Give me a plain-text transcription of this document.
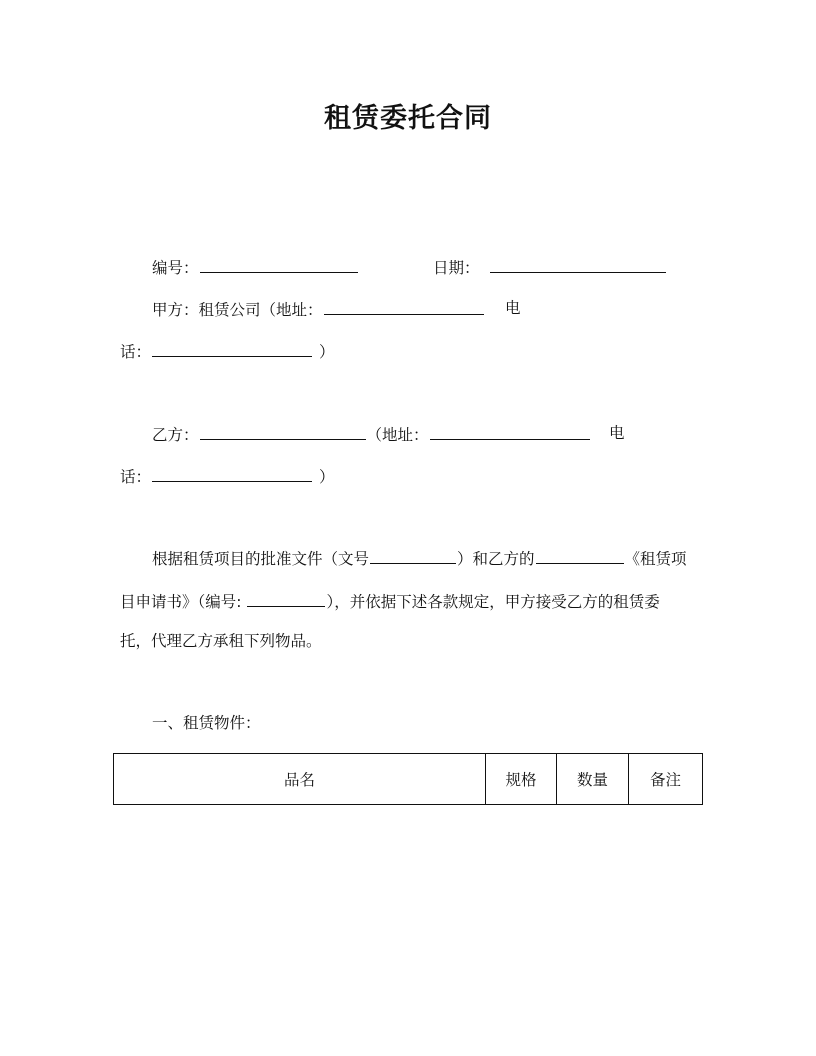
租赁委托合同
编号：	日期：
甲方：租赁公司（地址：	电
话：	）
乙方：	（地址：	电
话：	）
根据租赁项目的批准文件（文号	）和乙方的	《租赁项
目申请书》（编号:	），并依据下述各款规定，甲方接受乙方的租赁委
托，代理乙方承租下列物品。
一、租赁物件：
品名	规格	数量	备注
